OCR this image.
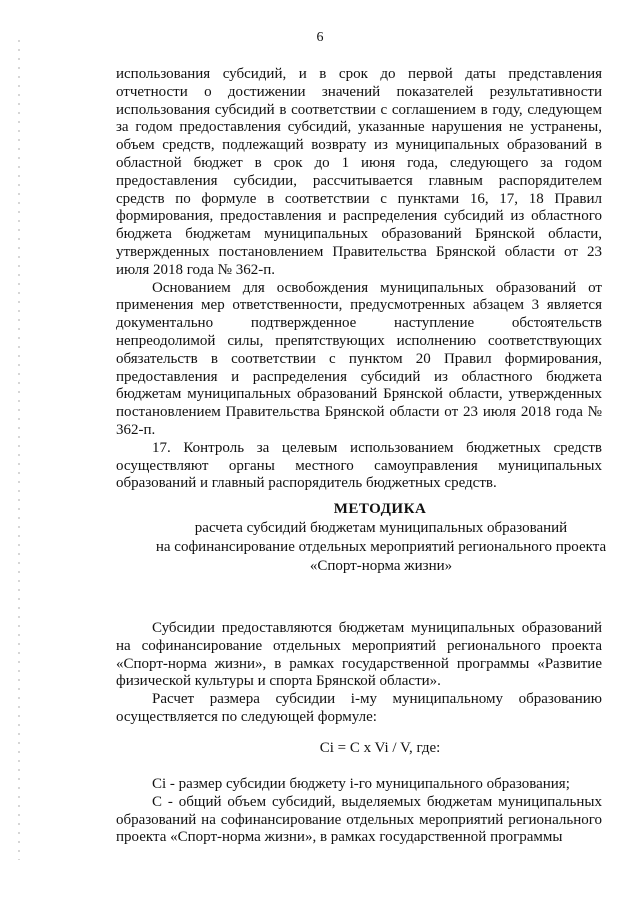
6

использования субсидий, и в срок до первой даты представления отчетности о достижении значений показателей результативности использования субсидий в соответствии с соглашением в году, следующем за годом предоставления субсидий, указанные нарушения не устранены, объем средств, подлежащий возврату из муниципальных образований в областной бюджет в срок до 1 июня года, следующего за годом предоставления субсидии, рассчитывается главным распорядителем средств по формуле в соответствии с пунктами 16, 17, 18 Правил формирования, предоставления и распределения субсидий из областного бюджета бюджетам муниципальных образований Брянской области, утвержденных постановлением Правительства Брянской области от 23 июля 2018 года № 362-п.

Основанием для освобождения муниципальных образований от применения мер ответственности, предусмотренных абзацем 3 является документально подтвержденное наступление обстоятельств непреодолимой силы, препятствующих исполнению соответствующих обязательств в соответствии с пунктом 20 Правил формирования, предоставления и распределения субсидий из областного бюджета бюджетам муниципальных образований Брянской области, утвержденных постановлением Правительства Брянской области от 23 июля 2018 года № 362-п.

17. Контроль за целевым использованием бюджетных средств осуществляют органы местного самоуправления муниципальных образований и главный распорядитель бюджетных средств.

МЕТОДИКА
расчета субсидий бюджетам муниципальных образований
на софинансирование отдельных мероприятий регионального проекта
«Спорт-норма жизни»

Субсидии предоставляются бюджетам муниципальных образований на софинансирование отдельных мероприятий регионального проекта «Спорт-норма жизни», в рамках государственной программы «Развитие физической культуры и спорта Брянской области».

Расчет размера субсидии i-му муниципальному образованию осуществляется по следующей формуле:

Ci = C x Vi / V, где:

Ci - размер субсидии бюджету i-го муниципального образования;

С - общий объем субсидий, выделяемых бюджетам муниципальных образований на софинансирование отдельных мероприятий регионального проекта «Спорт-норма жизни», в рамках государственной программы
